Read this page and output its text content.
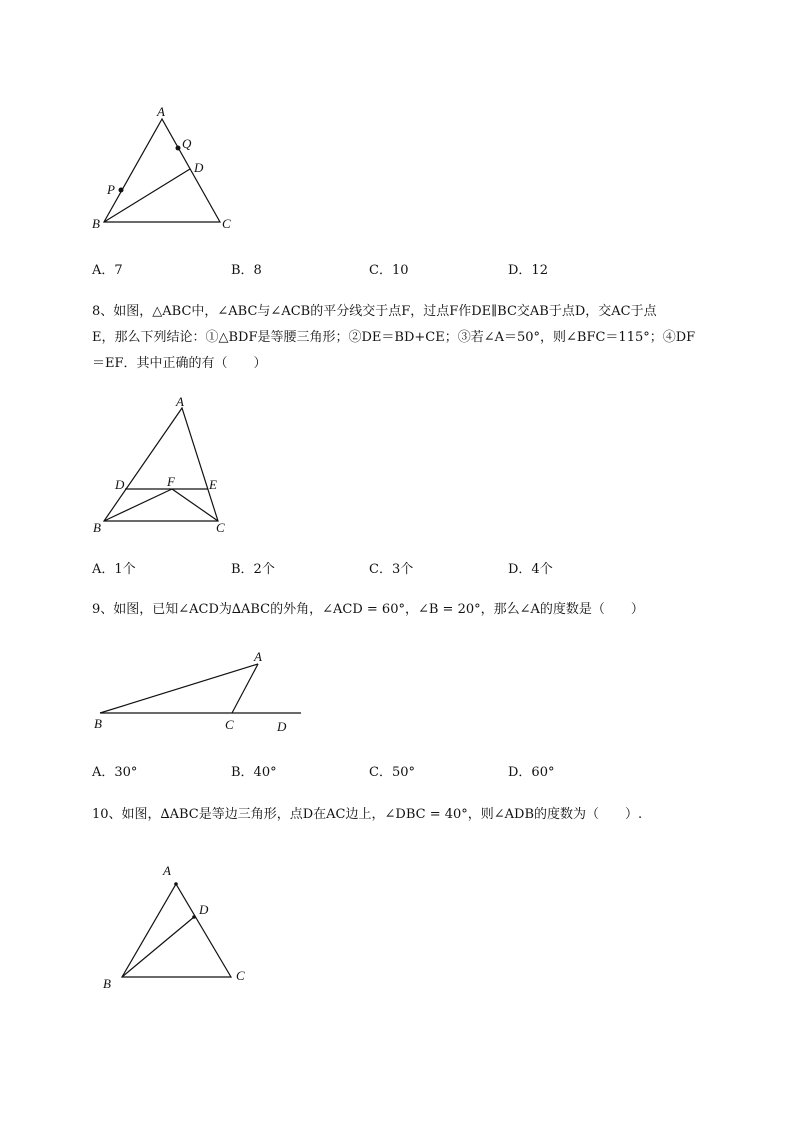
A
Q
D
P
B	C
A．7	B．8	C．10	D．12
8、如图，△ABC中，∠ABC与∠ACB的平分线交于点F，过点F作DE∥BC交AB于点D，交AC于点
E，那么下列结论：①△BDF是等腰三角形；②DE＝BD+CE；③若∠A＝50°，则∠BFC＝115°；④DF
＝EF．其中正确的有（　　）
A
D	F	E
B	C
A．1个	B．2个	C．3个	D．4个
9、如图，已知∠ACD为∆ABC的外角，∠ACD = 60°，∠B = 20°，那么∠A的度数是（　　）
A
B	C	D
A．30°	B．40°	C．50°	D．60°
10、如图，∆ABC是等边三角形，点D在AC边上，∠DBC = 40°，则∠ADB的度数为（　　）.
A
D
B
C
